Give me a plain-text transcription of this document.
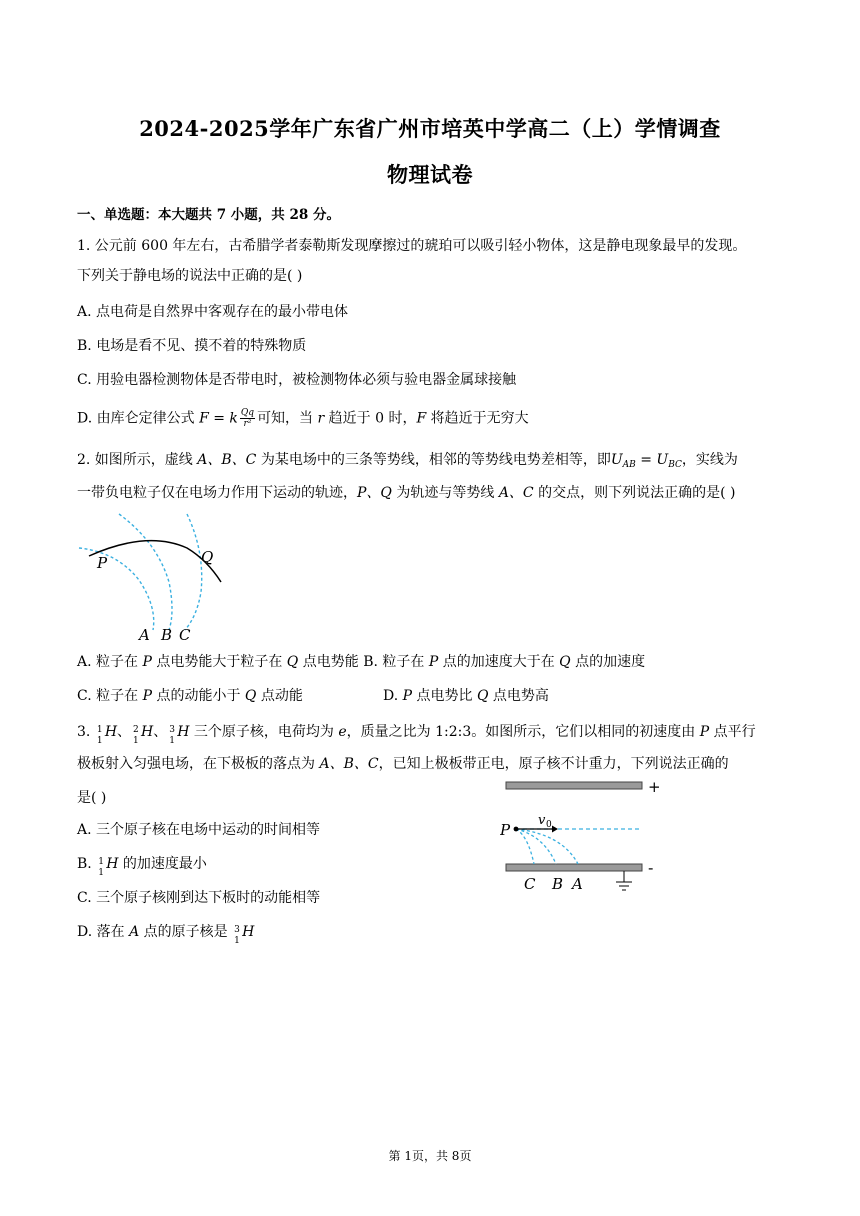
2024-2025学年广东省广州市培英中学高二（上）学情调查
物理试卷
一、单选题：本大题共 7 小题，共 28 分。
1. 公元前 600 年左右，古希腊学者泰勒斯发现摩擦过的琥珀可以吸引轻小物体，这是静电现象最早的发现。
下列关于静电场的说法中正确的是( )
A. 点电荷是自然界中客观存在的最小带电体
B. 电场是看不见、摸不着的特殊物质
C. 用验电器检测物体是否带电时，被检测物体必须与验电器金属球接触
D. 由库仑定律公式 F = k $\frac{Qq}{\text{r²}}$ 可知，当 r 趋近于 0 时，F 将趋近于无穷大
2. 如图所示，虚线 A、B、C 为某电场中的三条等势线，相邻的等势线电势差相等，即$U_{AB} = U_{BC}$，实线为
一带负电粒子仅在电场力作用下运动的轨迹，P、Q 为轨迹与等势线 A、C 的交点，则下列说法正确的是( )
P	Q
A B C
A. 粒子在 P 点电势能大于粒子在 Q 点电势能 B. 粒子在 P 点的加速度大于在 Q 点的加速度
C. 粒子在 P 点的动能小于 Q 点动能	D. P 点电势比 Q 点电势高
3. 1
1
H、 2
1
H、 3
1
H 三个原子核，电荷均为 e，质量之比为 1:2:3。如图所示，它们以相同的初速度由 P 点平行
极板射入匀强电场，在下极板的落点为 A、B、C，已知上极板带正电，原子核不计重力，下列说法正确的
是( )
+
-
P
v 0
C B A
A. 三个原子核在电场中运动的时间相等
B. 1
1
H 的加速度最小
C. 三个原子核刚到达下板时的动能相等
D. 落在 A 点的原子核是 3
1
H
第 1页，共 8页
